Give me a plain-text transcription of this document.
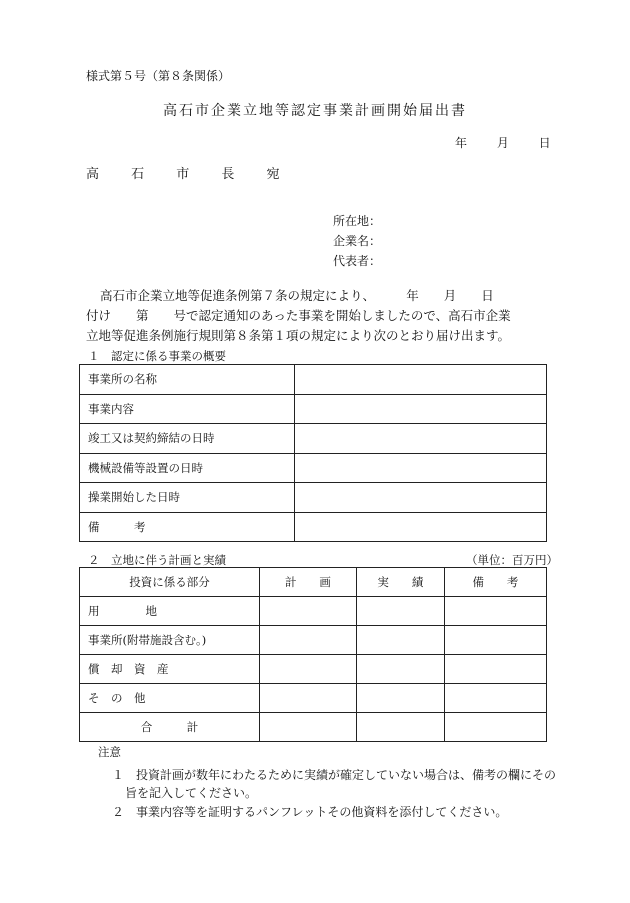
様式第５号（第８条関係）
高石市企業立地等認定事業計画開始届出書
年 月 日
高 石 市 長 宛
所在地：
企業名：
代表者：
高石市企業立地等促進条例第７条の規定により、　　　年　　月　　日
付け　　第　　号で認定通知のあった事業を開始しましたので、高石市企業
立地等促進条例施行規則第８条第１項の規定により次のとおり届け出ます。
１　認定に係る事業の概要
事業所の名称	
事業内容	
竣工又は契約締結の日時	
機械設備等設置の日時	
操業開始した日時	
備　　　考	
２　立地に伴う計画と実績	（単位：百万円）
投資に係る部分	計　　画	実　　績	備　　考
用　　　　地			
事業所(附帯施設含む。)			
償　却　資　産			
そ　の　他			
合　　　計			
注意
１　投資計画が数年にわたるために実績が確定していない場合は、備考の欄にその
旨を記入してください。
２　事業内容等を証明するパンフレットその他資料を添付してください。
